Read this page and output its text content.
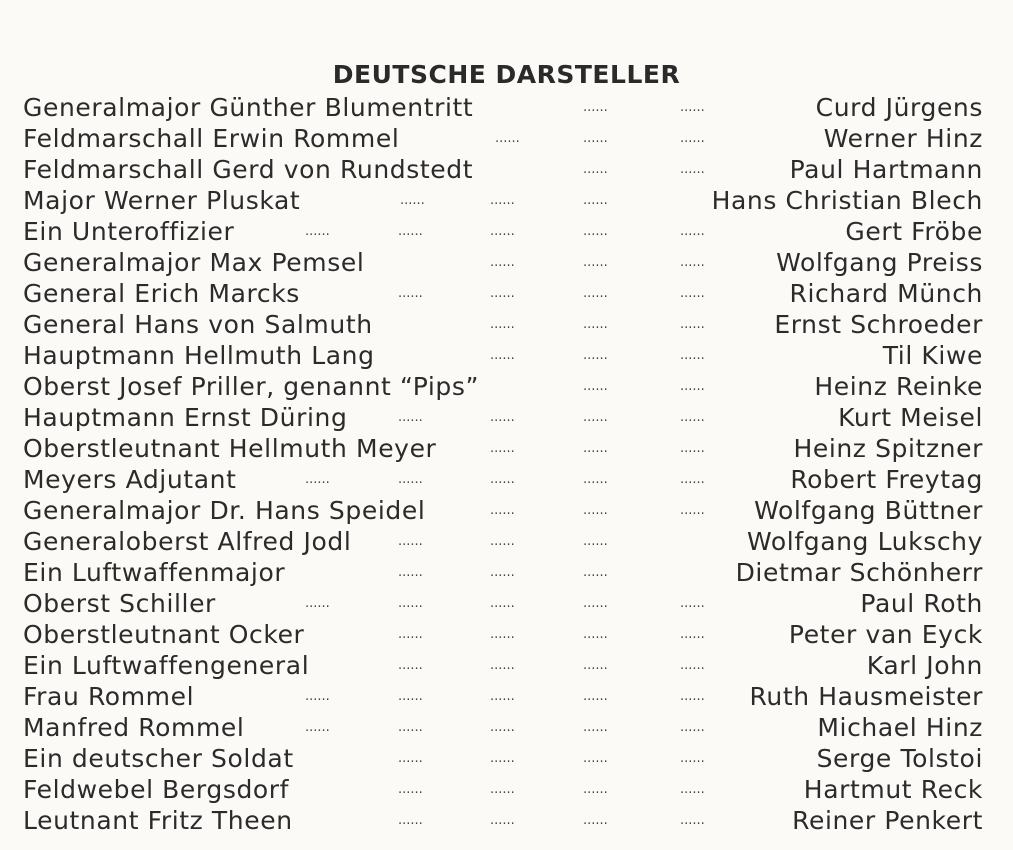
DEUTSCHE DARSTELLER
Generalmajor Günther Blumentritt	......	......	Curd Jürgens
Feldmarschall Erwin Rommel	......	......	......	Werner Hinz
Feldmarschall Gerd von Rundstedt	......	......	Paul Hartmann
Major Werner Pluskat	......	......	......	Hans Christian Blech
Ein Unteroffizier	......	......	......	......	......	Gert Fröbe
Generalmajor Max Pemsel	......	......	......	Wolfgang Preiss
General Erich Marcks	......	......	......	......	Richard Münch
General Hans von Salmuth	......	......	......	Ernst Schroeder
Hauptmann Hellmuth Lang	......	......	......	Til Kiwe
Oberst Josef Priller, genannt “Pips”	......	......	Heinz Reinke
Hauptmann Ernst Düring	......	......	......	......	Kurt Meisel
Oberstleutnant Hellmuth Meyer	......	......	......	Heinz Spitzner
Meyers Adjutant	......	......	......	......	......	Robert Freytag
Generalmajor Dr. Hans Speidel	......	......	...... Wolfgang Büttner
Generaloberst Alfred Jodl	......	......	......	Wolfgang Lukschy
Ein Luftwaffenmajor	......	......	......	Dietmar Schönherr
Oberst Schiller	......	......	......	......	......	Paul Roth
Oberstleutnant Ocker	......	......	......	......	Peter van Eyck
Ein Luftwaffengeneral	......	......	......	......	Karl John
Frau Rommel	......	......	......	......	...... Ruth Hausmeister
Manfred Rommel	......	......	......	......	......	Michael Hinz
Ein deutscher Soldat	......	......	......	......	Serge Tolstoi
Feldwebel Bergsdorf	......	......	......	......	Hartmut Reck
Leutnant Fritz Theen	......	......	......	......	Reiner Penkert
